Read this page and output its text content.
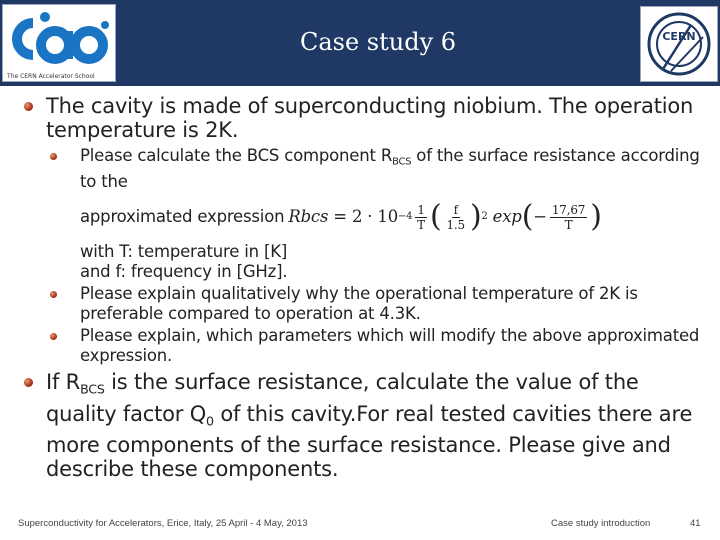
The CERN Accelerator School
Case study 6	CERN
The cavity is made of superconducting niobium. The operation temperature is 2K.
Please calculate the BCS component $R_{BCS}$ of the surface resistance according to the
approximated expression Rbcs = $2 \cdot 10 -4 \frac{1}{T}$ ( $\frac{f}{1.5}$ ) 2
exp ( − $\frac{17,67}{T}$ )
with T: temperature in [K]
and f: frequency in [GHz].
Please explain qualitatively why the operational temperature of 2K is preferable compared to operation at 4.3K.
Please explain, which parameters which will modify the above approximated expression.
If $R_{BCS}$ is the surface resistance, calculate the value of the quality factor $Q_0$ of this cavity.For real tested cavities there are more components of the surface resistance. Please give and describe these components.
Superconductivity for Accelerators, Erice, Italy, 25 April - 4 May, 2013	Case study introduction	41
